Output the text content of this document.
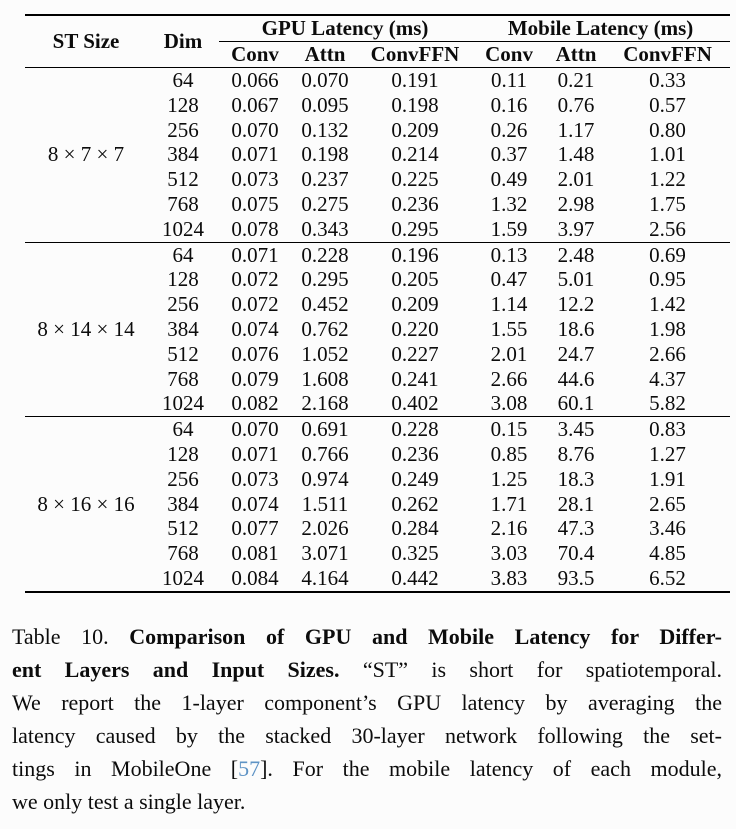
ST Size	Dim	GPU Latency (ms)			Mobile Latency (ms)		
		Conv	Attn	ConvFFN	Conv	Attn	ConvFFN
8 × 7 × 7	64	0.066	0.070	0.191	0.11	0.21	0.33
	128	0.067	0.095	0.198	0.16	0.76	0.57
	256	0.070	0.132	0.209	0.26	1.17	0.80
	384	0.071	0.198	0.214	0.37	1.48	1.01
	512	0.073	0.237	0.225	0.49	2.01	1.22
	768	0.075	0.275	0.236	1.32	2.98	1.75
	1024	0.078	0.343	0.295	1.59	3.97	2.56
8 × 14 × 14	64	0.071	0.228	0.196	0.13	2.48	0.69
	128	0.072	0.295	0.205	0.47	5.01	0.95
	256	0.072	0.452	0.209	1.14	12.2	1.42
	384	0.074	0.762	0.220	1.55	18.6	1.98
	512	0.076	1.052	0.227	2.01	24.7	2.66
	768	0.079	1.608	0.241	2.66	44.6	4.37
	1024	0.082	2.168	0.402	3.08	60.1	5.82
8 × 16 × 16	64	0.070	0.691	0.228	0.15	3.45	0.83
	128	0.071	0.766	0.236	0.85	8.76	1.27
	256	0.073	0.974	0.249	1.25	18.3	1.91
	384	0.074	1.511	0.262	1.71	28.1	2.65
	512	0.077	2.026	0.284	2.16	47.3	3.46
	768	0.081	3.071	0.325	3.03	70.4	4.85
	1024	0.084	4.164	0.442	3.83	93.5	6.52
Table 10. Comparison of GPU and Mobile Latency for Differ-
ent Layers and Input Sizes. “ST” is short for spatiotemporal.
We report the 1-layer component’s GPU latency by averaging the
latency caused by the stacked 30-layer network following the set-
tings in MobileOne [57]. For the mobile latency of each module,
we only test a single layer.
